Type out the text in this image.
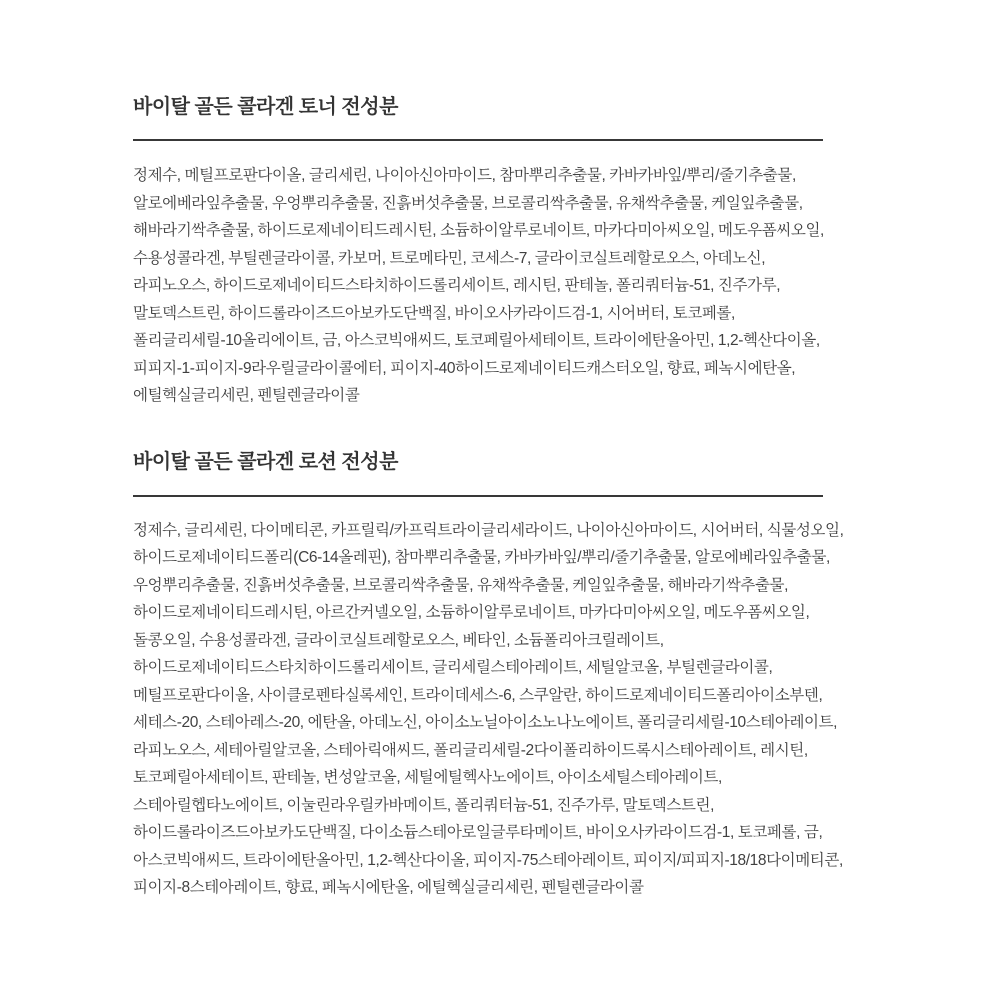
바이탈 골든 콜라겐 토너 전성분
정제수, 메틸프로판다이올, 글리세린, 나이아신아마이드, 참마뿌리추출물, 카바카바잎/뿌리/줄기추출물,
알로에베라잎추출물, 우엉뿌리추출물, 진흙버섯추출물, 브로콜리싹추출물, 유채싹추출물, 케일잎추출물,
해바라기싹추출물, 하이드로제네이티드레시틴, 소듐하이알루로네이트, 마카다미아씨오일, 메도우폼씨오일,
수용성콜라겐, 부틸렌글라이콜, 카보머, 트로메타민, 코세스-7, 글라이코실트레할로오스, 아데노신,
라피노오스, 하이드로제네이티드스타치하이드롤리세이트, 레시틴, 판테놀, 폴리쿼터늄-51, 진주가루,
말토덱스트린, 하이드롤라이즈드아보카도단백질, 바이오사카라이드검-1, 시어버터, 토코페롤,
폴리글리세릴-10올리에이트, 금, 아스코빅애씨드, 토코페릴아세테이트, 트라이에탄올아민, 1,2-헥산다이올,
피피지-1-피이지-9라우릴글라이콜에터, 피이지-40하이드로제네이티드캐스터오일, 향료, 페녹시에탄올,
에틸헥실글리세린, 펜틸렌글라이콜
바이탈 골든 콜라겐 로션 전성분
정제수, 글리세린, 다이메티콘, 카프릴릭/카프릭트라이글리세라이드, 나이아신아마이드, 시어버터, 식물성오일,
하이드로제네이티드폴리(C6-14올레핀), 참마뿌리추출물, 카바카바잎/뿌리/줄기추출물, 알로에베라잎추출물,
우엉뿌리추출물, 진흙버섯추출물, 브로콜리싹추출물, 유채싹추출물, 케일잎추출물, 해바라기싹추출물,
하이드로제네이티드레시틴, 아르간커넬오일, 소듐하이알루로네이트, 마카다미아씨오일, 메도우폼씨오일,
돌콩오일, 수용성콜라겐, 글라이코실트레할로오스, 베타인, 소듐폴리아크릴레이트,
하이드로제네이티드스타치하이드롤리세이트, 글리세릴스테아레이트, 세틸알코올, 부틸렌글라이콜,
메틸프로판다이올, 사이클로펜타실록세인, 트라이데세스-6, 스쿠알란, 하이드로제네이티드폴리아이소부텐,
세테스-20, 스테아레스-20, 에탄올, 아데노신, 아이소노닐아이소노나노에이트, 폴리글리세릴-10스테아레이트,
라피노오스, 세테아릴알코올, 스테아릭애씨드, 폴리글리세릴-2다이폴리하이드록시스테아레이트, 레시틴,
토코페릴아세테이트, 판테놀, 변성알코올, 세틸에틸헥사노에이트, 아이소세틸스테아레이트,
스테아릴헵타노에이트, 이눌린라우릴카바메이트, 폴리쿼터늄-51, 진주가루, 말토덱스트린,
하이드롤라이즈드아보카도단백질, 다이소듐스테아로일글루타메이트, 바이오사카라이드검-1, 토코페롤, 금,
아스코빅애씨드, 트라이에탄올아민, 1,2-헥산다이올, 피이지-75스테아레이트, 피이지/피피지-18/18다이메티콘,
피이지-8스테아레이트, 향료, 페녹시에탄올, 에틸헥실글리세린, 펜틸렌글라이콜
